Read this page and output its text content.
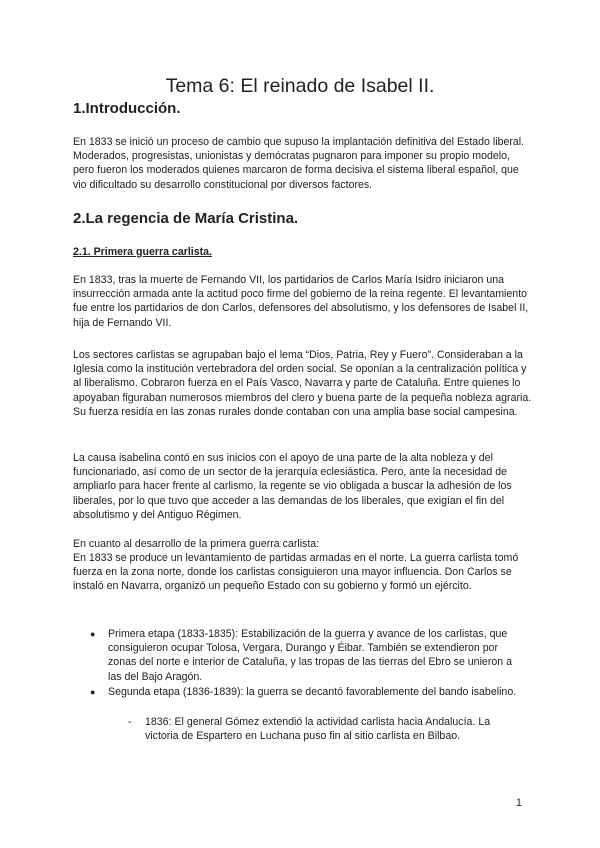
Tema 6: El reinado de Isabel II.
1.Introducción.

En 1833 se inició un proceso de cambio que supuso la implantación definitiva del Estado liberal. Moderados, progresistas, unionistas y demócratas pugnaron para imponer su propio modelo, pero fueron los moderados quienes marcaron de forma decisiva el sistema liberal español, que vio dificultado su desarrollo constitucional por diversos factores.

2.La regencia de María Cristina.
2.1. Primera guerra carlista.

En 1833, tras la muerte de Fernando VII, los partidarios de Carlos María Isidro iniciaron una insurrección armada ante la actitud poco firme del gobierno de la reina regente. El levantamiento fue entre los partidarios de don Carlos, defensores del absolutismo, y los defensores de Isabel II, hija de Fernando VII.

Los sectores carlistas se agrupaban bajo el lema “Dios, Patria, Rey y Fuero”. Consideraban a la Iglesia como la institución vertebradora del orden social. Se oponían a la centralización política y al liberalismo. Cobraron fuerza en el País Vasco, Navarra y parte de Cataluña. Entre quienes lo apoyaban figuraban numerosos miembros del clero y buena parte de la pequeña nobleza agraria. Su fuerza residía en las zonas rurales donde contaban con una amplia base social campesina.

La causa isabelina contó en sus inicios con el apoyo de una parte de la alta nobleza y del funcionariado, así como de un sector de la jerarquía eclesiástica. Pero, ante la necesidad de ampliarlo para hacer frente al carlismo, la regente se vio obligada a buscar la adhesión de los liberales, por lo que tuvo que acceder a las demandas de los liberales, que exigían el fin del absolutismo y del Antiguo Régimen.

En cuanto al desarrollo de la primera guerra carlista:

En 1833 se produce un levantamiento de partidas armadas en el norte. La guerra carlista tomó fuerza en la zona norte, donde los carlistas consiguieron una mayor influencia. Don Carlos se instaló en Navarra, organizó un pequeño Estado con su gobierno y formó un ejército.

● Primera etapa (1833-1835): Estabilización de la guerra y avance de los carlistas, que consiguieron ocupar Tolosa, Vergara, Durango y Éibar. También se extendieron por zonas del norte e interior de Cataluña, y las tropas de las tierras del Ebro se unieron a las del Bajo Aragón.

● Segunda etapa (1836-1839): la guerra se decantó favorablemente del bando isabelino.

- 1836: El general Gómez extendió la actividad carlista hacia Andalucía. La victoria de Espartero en Luchana puso fin al sitio carlista en Bilbao.

1
